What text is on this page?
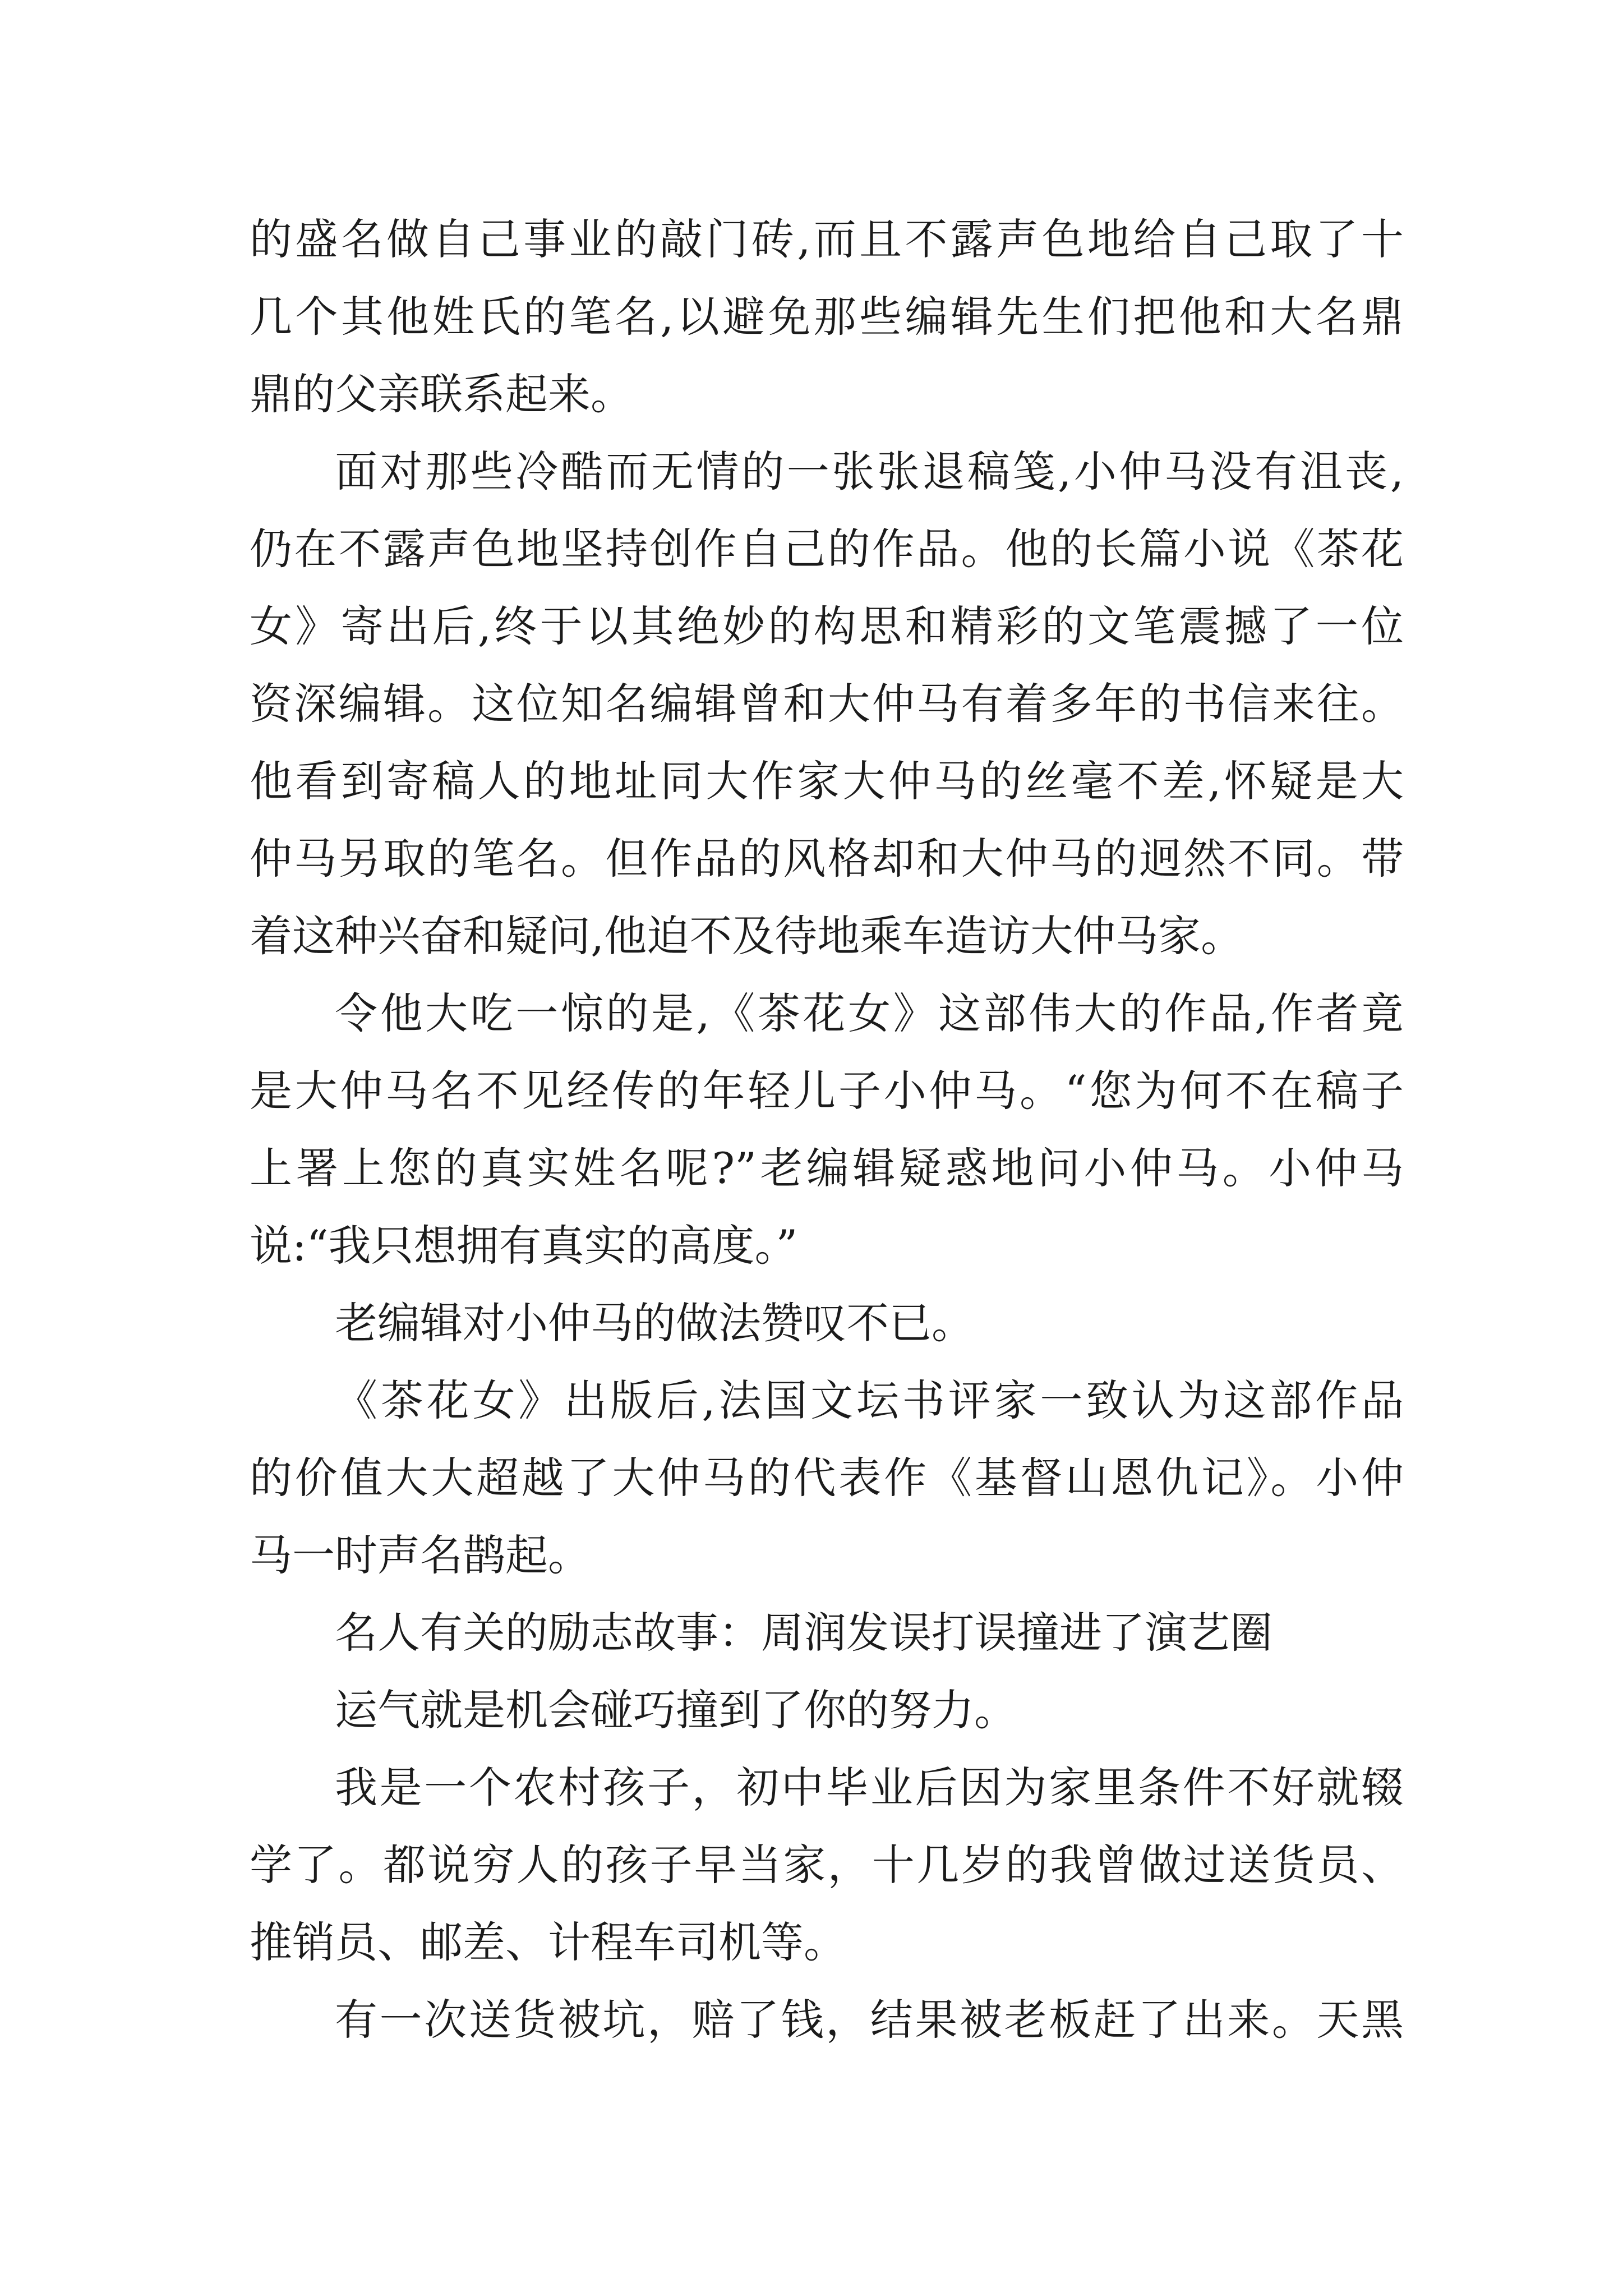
的盛名做自己事业的敲门砖,而且不露声色地给自己取了十
几个其他姓氏的笔名,以避免那些编辑先生们把他和大名鼎
鼎的父亲联系起来。
面对那些冷酷而无情的一张张退稿笺,小仲马没有沮丧,
仍在不露声色地坚持创作自己的作品。他的长篇小说《茶花
女》寄出后,终于以其绝妙的构思和精彩的文笔震撼了一位
资深编辑。这位知名编辑曾和大仲马有着多年的书信来往。
他看到寄稿人的地址同大作家大仲马的丝毫不差,怀疑是大
仲马另取的笔名。但作品的风格却和大仲马的迥然不同。带
着这种兴奋和疑问,他迫不及待地乘车造访大仲马家。
令他大吃一惊的是,《茶花女》这部伟大的作品,作者竟
是大仲马名不见经传的年轻儿子小仲马。“您为何不在稿子
上署上您的真实姓名呢?”老编辑疑惑地问小仲马。小仲马
说:“我只想拥有真实的高度。”
老编辑对小仲马的做法赞叹不已。
《茶花女》出版后,法国文坛书评家一致认为这部作品
的价值大大超越了大仲马的代表作《基督山恩仇记》。小仲
马一时声名鹊起。
名人有关的励志故事：周润发误打误撞进了演艺圈
运气就是机会碰巧撞到了你的努力。
我是一个农村孩子，初中毕业后因为家里条件不好就辍
学了。都说穷人的孩子早当家，十几岁的我曾做过送货员、
推销员、邮差、计程车司机等。
有一次送货被坑，赔了钱，结果被老板赶了出来。天黑
